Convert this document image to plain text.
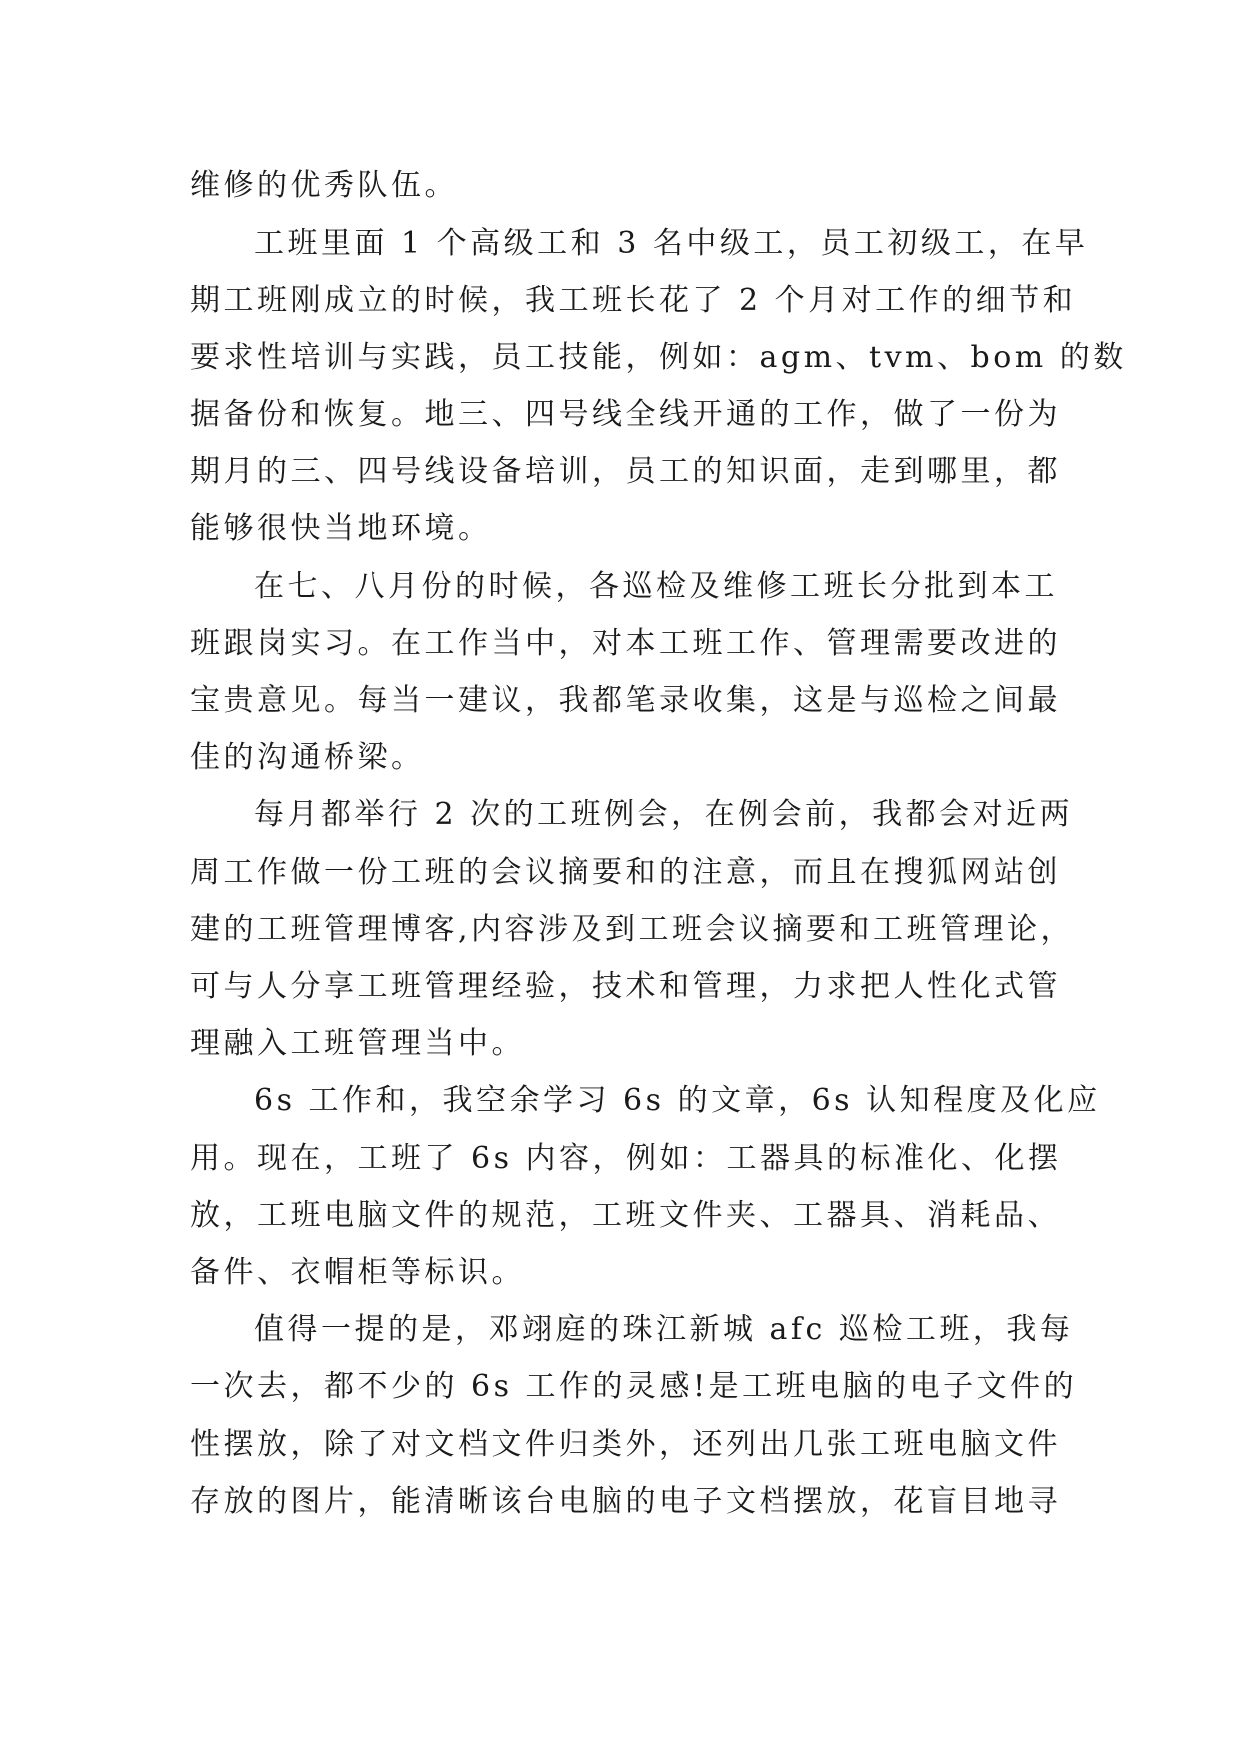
维修的优秀队伍。
工班里面 1 个高级工和 3 名中级工，员工初级工，在早
期工班刚成立的时候，我工班长花了 2 个月对工作的细节和
要求性培训与实践，员工技能，例如：agm、tvm、bom 的数
据备份和恢复。地三、四号线全线开通的工作，做了一份为
期月的三、四号线设备培训，员工的知识面，走到哪里，都
能够很快当地环境。
在七、八月份的时候，各巡检及维修工班长分批到本工
班跟岗实习。在工作当中，对本工班工作、管理需要改进的
宝贵意见。每当一建议，我都笔录收集，这是与巡检之间最
佳的沟通桥梁。
每月都举行 2 次的工班例会，在例会前，我都会对近两
周工作做一份工班的会议摘要和的注意，而且在搜狐网站创
建的工班管理博客,内容涉及到工班会议摘要和工班管理论，
可与人分享工班管理经验，技术和管理，力求把人性化式管
理融入工班管理当中。
6s 工作和，我空余学习 6s 的文章，6s 认知程度及化应
用。现在，工班了 6s 内容，例如：工器具的标准化、化摆
放，工班电脑文件的规范，工班文件夹、工器具、消耗品、
备件、衣帽柜等标识。
值得一提的是，邓翊庭的珠江新城 afc 巡检工班，我每
一次去，都不少的 6s 工作的灵感!是工班电脑的电子文件的
性摆放，除了对文档文件归类外，还列出几张工班电脑文件
存放的图片，能清晰该台电脑的电子文档摆放，花盲目地寻
